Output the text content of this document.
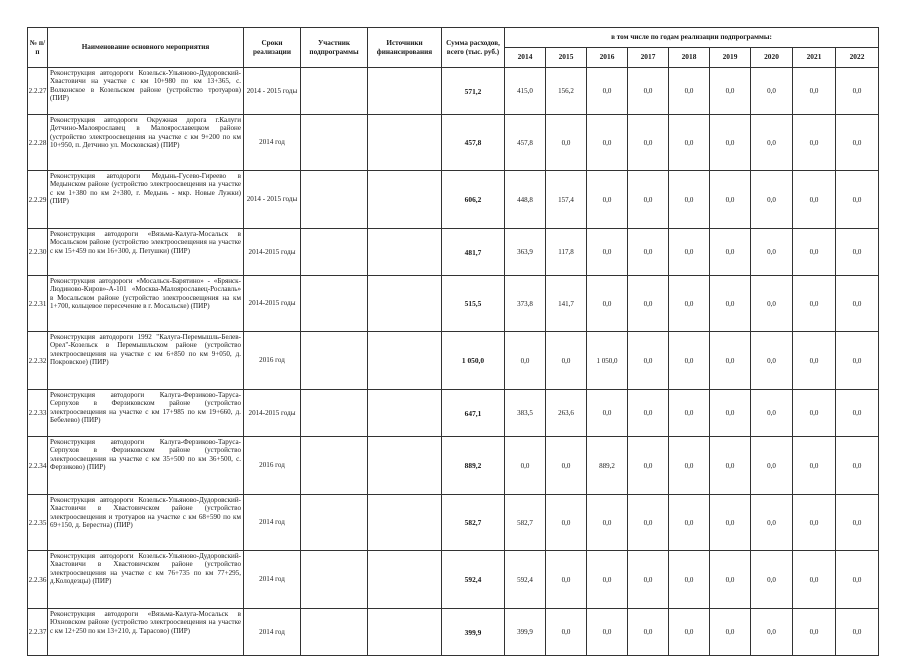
№ п/п	Наименование основного мероприятия	Сроки реализации	Участник подпрограммы	Источники финансирования	Сумма расходов, всего (тыс. руб.)	в том числе по годам реализации подпрограммы:								
						2014	2015	2016	2017	2018	2019	2020	2021	2022
2.2.27	Реконструкция автодороги Козельск-Ульяново-Дудоровский-Хвастовичи на участке с км 10+980 по км 13+365, с. Волконское в Козельском районе (устройство тротуаров) (ПИР)	2014 - 2015 годы			571,2	415,0	156,2	0,0	0,0	0,0	0,0	0,0	0,0	0,0
2.2.28	Реконструкция автодороги Окружная дорога г.Калуги Детчино-Малоярославец в Малоярославецком районе (устройство электроосвещения на участке с км 9+200 по км 10+950, п. Детчино ул. Московская) (ПИР)	2014 год			457,8	457,8	0,0	0,0	0,0	0,0	0,0	0,0	0,0	0,0
2.2.29	Реконструкция автодороги Медынь-Гусево-Гиреево в Медынском районе (устройство электроосвещения на участке с км 1+380 по км 2+380, г. Медынь - мкр. Новые Лужки) (ПИР)	2014 - 2015 годы			606,2	448,8	157,4	0,0	0,0	0,0	0,0	0,0	0,0	0,0
2.2.30	Реконструкция автодороги «Вязьма-Калуга-Мосальск в Мосальском районе (устройство электроосвещения на участке с км 15+459 по км 16+300, д. Петушки) (ПИР)	2014-2015 годы			481,7	363,9	117,8	0,0	0,0	0,0	0,0	0,0	0,0	0,0
2.2.31	Реконструкция автодороги «Мосальск-Барятино» - «Брянск-Людиново-Киров»-А-101 «Москва-Малоярославец-Рославль» в Мосальском районе (устройство электроосвещения на км 1+700, кольцевое пересечение в г. Мосальске) (ПИР)	2014-2015 годы			515,5	373,8	141,7	0,0	0,0	0,0	0,0	0,0	0,0	0,0
2.2.32	Реконструкция автодороги 1992 "Калуга-Перемышль-Белев-Орел"-Козельск в Перемышльском районе (устройство электроосвещения на участке с км 6+850 по км 9+050, д. Покровское) (ПИР)	2016 год			1 050,0	0,0	0,0	1 050,0	0,0	0,0	0,0	0,0	0,0	0,0
2.2.33	Реконструкция автодороги Калуга-Ферзиково-Таруса-Серпухов в Ферзиковском районе (устройство электроосвещения на участке с км 17+985 по км 19+660, д. Бебелево) (ПИР)	2014-2015 годы			647,1	383,5	263,6	0,0	0,0	0,0	0,0	0,0	0,0	0,0
2.2.34	Реконструкция автодороги Калуга-Ферзиково-Таруса-Серпухов в Ферзиковском районе (устройство электроосвещения на участке с км 35+500 по км 36+500, с. Ферзиково) (ПИР)	2016 год			889,2	0,0	0,0	889,2	0,0	0,0	0,0	0,0	0,0	0,0
2.2.35	Реконструкция автодороги Козельск-Ульяново-Дудоровский-Хвастовичи в Хвастовичском районе (устройство электроосвещения и тротуаров на участке с км 68+590 по км 69+150, д. Берестна) (ПИР)	2014 год			582,7	582,7	0,0	0,0	0,0	0,0	0,0	0,0	0,0	0,0
2.2.36	Реконструкция автодороги Козельск-Ульяново-Дудоровский-Хвастовичи в Хвастовичском районе (устройство электроосвещения на участке с км 76+735 по км 77+295, д.Колодезцы) (ПИР)	2014 год			592,4	592,4	0,0	0,0	0,0	0,0	0,0	0,0	0,0	0,0
2.2.37	Реконструкция автодороги «Вязьма-Калуга-Мосальск в Юхновском районе (устройство электроосвещения на участке с км 12+250 по км 13+210, д. Тарасово) (ПИР)	2014 год			399,9	399,9	0,0	0,0	0,0	0,0	0,0	0,0	0,0	0,0
